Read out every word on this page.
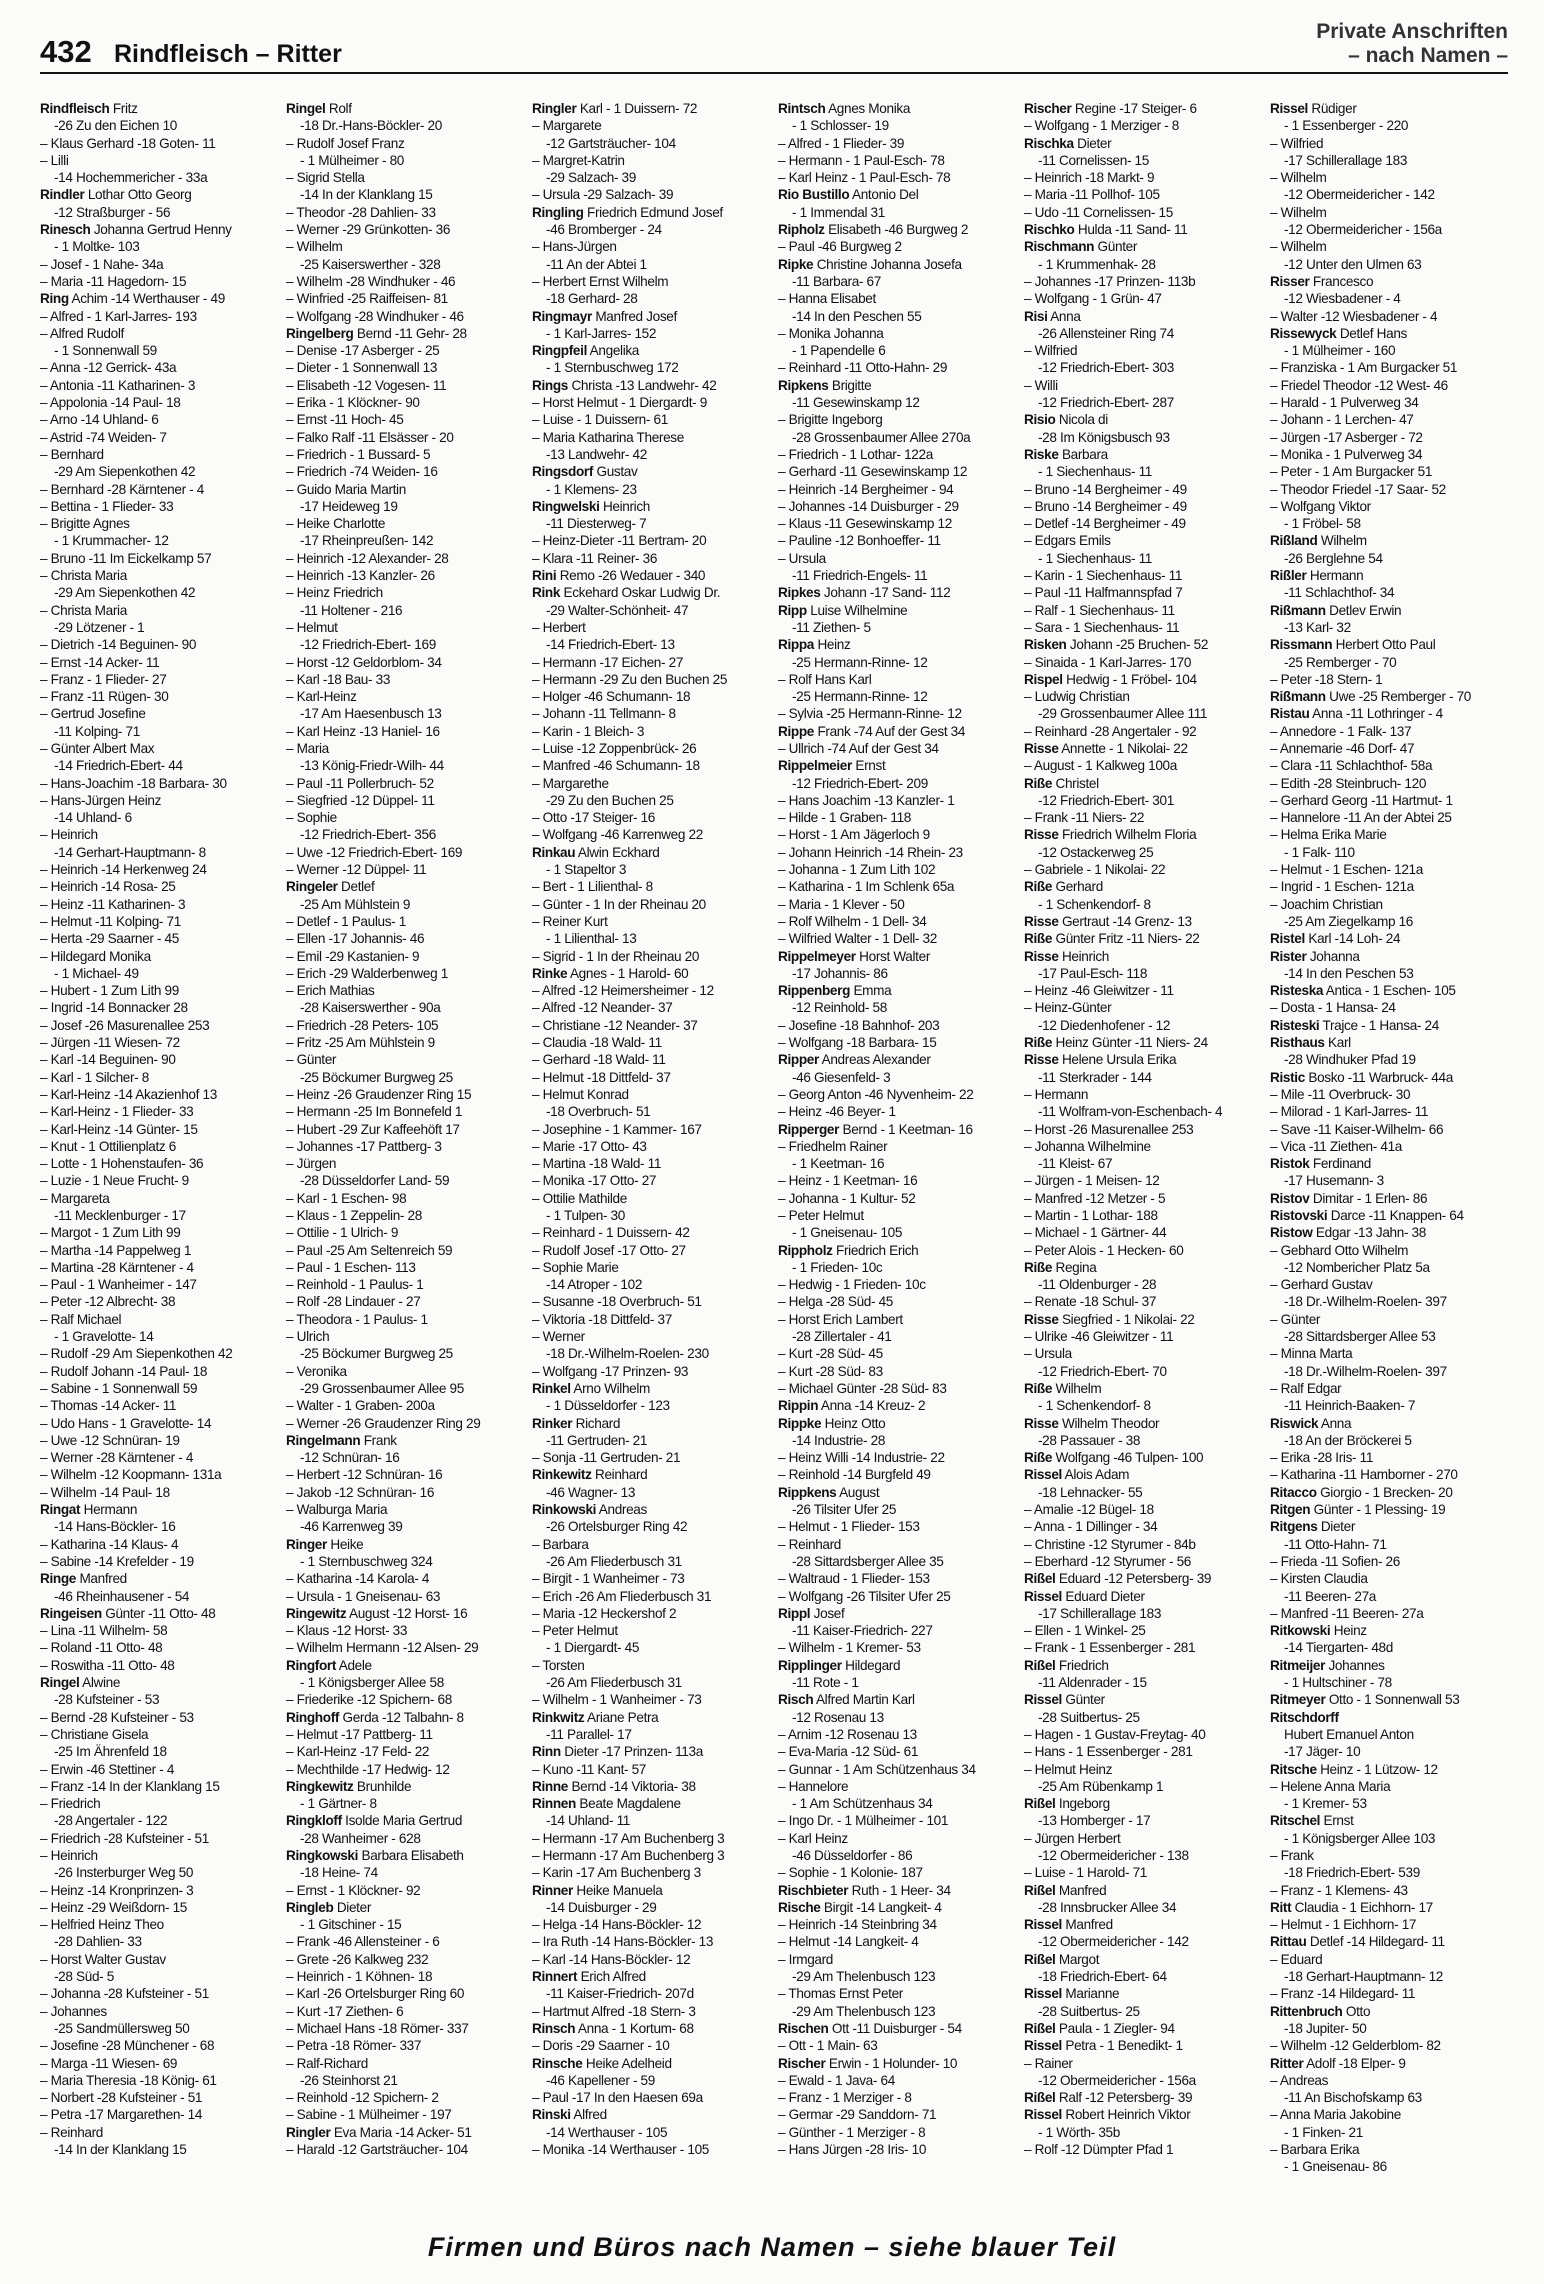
432 Rindfleisch – Ritter
Private Anschriften
– nach Namen –
Rindfleisch Fritz
-26 Zu den Eichen 10
– Klaus Gerhard -18 Goten- 11
– Lilli
-14 Hochemmericher - 33a
Rindler Lothar Otto Georg
-12 Straßburger - 56
Rinesch Johanna Gertrud Henny
- 1 Moltke- 103
– Josef - 1 Nahe- 34a
– Maria -11 Hagedorn- 15
Ring Achim -14 Werthauser - 49
– Alfred - 1 Karl-Jarres- 193
– Alfred Rudolf
- 1 Sonnenwall 59
– Anna -12 Gerrick- 43a
– Antonia -11 Katharinen- 3
– Appolonia -14 Paul- 18
– Arno -14 Uhland- 6
– Astrid -74 Weiden- 7
– Bernhard
-29 Am Siepenkothen 42
– Bernhard -28 Kärntener - 4
– Bettina - 1 Flieder- 33
– Brigitte Agnes
- 1 Krummacher- 12
– Bruno -11 Im Eickelkamp 57
– Christa Maria
-29 Am Siepenkothen 42
– Christa Maria
-29 Lötzener - 1
– Dietrich -14 Beguinen- 90
– Ernst -14 Acker- 11
– Franz - 1 Flieder- 27
– Franz -11 Rügen- 30
– Gertrud Josefine
-11 Kolping- 71
– Günter Albert Max
-14 Friedrich-Ebert- 44
– Hans-Joachim -18 Barbara- 30
– Hans-Jürgen Heinz
-14 Uhland- 6
– Heinrich
-14 Gerhart-Hauptmann- 8
– Heinrich -14 Herkenweg 24
– Heinrich -14 Rosa- 25
– Heinz -11 Katharinen- 3
– Helmut -11 Kolping- 71
– Herta -29 Saarner - 45
– Hildegard Monika
- 1 Michael- 49
– Hubert - 1 Zum Lith 99
– Ingrid -14 Bonnacker 28
– Josef -26 Masurenallee 253
– Jürgen -11 Wiesen- 72
– Karl -14 Beguinen- 90
– Karl - 1 Silcher- 8
– Karl-Heinz -14 Akazienhof 13
– Karl-Heinz - 1 Flieder- 33
– Karl-Heinz -14 Günter- 15
– Knut - 1 Ottilienplatz 6
– Lotte - 1 Hohenstaufen- 36
– Luzie - 1 Neue Frucht- 9
– Margareta
-11 Mecklenburger - 17
– Margot - 1 Zum Lith 99
– Martha -14 Pappelweg 1
– Martina -28 Kärntener - 4
– Paul - 1 Wanheimer - 147
– Peter -12 Albrecht- 38
– Ralf Michael
- 1 Gravelotte- 14
– Rudolf -29 Am Siepenkothen 42
– Rudolf Johann -14 Paul- 18
– Sabine - 1 Sonnenwall 59
– Thomas -14 Acker- 11
– Udo Hans - 1 Gravelotte- 14
– Uwe -12 Schnüran- 19
– Werner -28 Kärntener - 4
– Wilhelm -12 Koopmann- 131a
– Wilhelm -14 Paul- 18
Ringat Hermann
-14 Hans-Böckler- 16
– Katharina -14 Klaus- 4
– Sabine -14 Krefelder - 19
Ringe Manfred
-46 Rheinhausener - 54
Ringeisen Günter -11 Otto- 48
– Lina -11 Wilhelm- 58
– Roland -11 Otto- 48
– Roswitha -11 Otto- 48
Ringel Alwine
-28 Kufsteiner - 53
– Bernd -28 Kufsteiner - 53
– Christiane Gisela
-25 Im Ährenfeld 18
– Erwin -46 Stettiner - 4
– Franz -14 In der Klanklang 15
– Friedrich
-28 Angertaler - 122
– Friedrich -28 Kufsteiner - 51
– Heinrich
-26 Insterburger Weg 50
– Heinz -14 Kronprinzen- 3
– Heinz -29 Weißdorn- 15
– Helfried Heinz Theo
-28 Dahlien- 33
– Horst Walter Gustav
-28 Süd- 5
– Johanna -28 Kufsteiner - 51
– Johannes
-25 Sandmüllersweg 50
– Josefine -28 Münchener - 68
– Marga -11 Wiesen- 69
– Maria Theresia -18 König- 61
– Norbert -28 Kufsteiner - 51
– Petra -17 Margarethen- 14
– Reinhard
-14 In der Klanklang 15
Ringel Rolf
-18 Dr.-Hans-Böckler- 20
– Rudolf Josef Franz
- 1 Mülheimer - 80
– Sigrid Stella
-14 In der Klanklang 15
– Theodor -28 Dahlien- 33
– Werner -29 Grünkotten- 36
– Wilhelm
-25 Kaiserswerther - 328
– Wilhelm -28 Windhuker - 46
– Winfried -25 Raiffeisen- 81
– Wolfgang -28 Windhuker - 46
Ringelberg Bernd -11 Gehr- 28
– Denise -17 Asberger - 25
– Dieter - 1 Sonnenwall 13
– Elisabeth -12 Vogesen- 11
– Erika - 1 Klöckner- 90
– Ernst -11 Hoch- 45
– Falko Ralf -11 Elsässer - 20
– Friedrich - 1 Bussard- 5
– Friedrich -74 Weiden- 16
– Guido Maria Martin
-17 Heideweg 19
– Heike Charlotte
-17 Rheinpreußen- 142
– Heinrich -12 Alexander- 28
– Heinrich -13 Kanzler- 26
– Heinz Friedrich
-11 Holtener - 216
– Helmut
-12 Friedrich-Ebert- 169
– Horst -12 Geldorblom- 34
– Karl -18 Bau- 33
– Karl-Heinz
-17 Am Haesenbusch 13
– Karl Heinz -13 Haniel- 16
– Maria
-13 König-Friedr-Wilh- 44
– Paul -11 Pollerbruch- 52
– Siegfried -12 Düppel- 11
– Sophie
-12 Friedrich-Ebert- 356
– Uwe -12 Friedrich-Ebert- 169
– Werner -12 Düppel- 11
Ringeler Detlef
-25 Am Mühlstein 9
– Detlef - 1 Paulus- 1
– Ellen -17 Johannis- 46
– Emil -29 Kastanien- 9
– Erich -29 Walderbenweg 1
– Erich Mathias
-28 Kaiserswerther - 90a
– Friedrich -28 Peters- 105
– Fritz -25 Am Mühlstein 9
– Günter
-25 Böckumer Burgweg 25
– Heinz -26 Graudenzer Ring 15
– Hermann -25 Im Bonnefeld 1
– Hubert -29 Zur Kaffeehöft 17
– Johannes -17 Pattberg- 3
– Jürgen
-28 Düsseldorfer Land- 59
– Karl - 1 Eschen- 98
– Klaus - 1 Zeppelin- 28
– Ottilie - 1 Ulrich- 9
– Paul -25 Am Seltenreich 59
– Paul - 1 Eschen- 113
– Reinhold - 1 Paulus- 1
– Rolf -28 Lindauer - 27
– Theodora - 1 Paulus- 1
– Ulrich
-25 Böckumer Burgweg 25
– Veronika
-29 Grossenbaumer Allee 95
– Walter - 1 Graben- 200a
– Werner -26 Graudenzer Ring 29
Ringelmann Frank
-12 Schnüran- 16
– Herbert -12 Schnüran- 16
– Jakob -12 Schnüran- 16
– Walburga Maria
-46 Karrenweg 39
Ringer Heike
- 1 Sternbuschweg 324
– Katharina -14 Karola- 4
– Ursula - 1 Gneisenau- 63
Ringewitz August -12 Horst- 16
– Klaus -12 Horst- 33
– Wilhelm Hermann -12 Alsen- 29
Ringfort Adele
- 1 Königsberger Allee 58
– Friederike -12 Spichern- 68
Ringhoff Gerda -12 Talbahn- 8
– Helmut -17 Pattberg- 11
– Karl-Heinz -17 Feld- 22
– Mechthilde -17 Hedwig- 12
Ringkewitz Brunhilde
- 1 Gärtner- 8
Ringkloff Isolde Maria Gertrud
-28 Wanheimer - 628
Ringkowski Barbara Elisabeth
-18 Heine- 74
– Ernst - 1 Klöckner- 92
Ringleb Dieter
- 1 Gitschiner - 15
– Frank -46 Allensteiner - 6
– Grete -26 Kalkweg 232
– Heinrich - 1 Köhnen- 18
– Karl -26 Ortelsburger Ring 60
– Kurt -17 Ziethen- 6
– Michael Hans -18 Römer- 337
– Petra -18 Römer- 337
– Ralf-Richard
-26 Steinhorst 21
– Reinhold -12 Spichern- 2
– Sabine - 1 Mülheimer - 197
Ringler Eva Maria -14 Acker- 51
– Harald -12 Gartsträucher- 104
Ringler Karl - 1 Duissern- 72
– Margarete
-12 Gartsträucher- 104
– Margret-Katrin
-29 Salzach- 39
– Ursula -29 Salzach- 39
Ringling Friedrich Edmund Josef
-46 Bromberger - 24
– Hans-Jürgen
-11 An der Abtei 1
– Herbert Ernst Wilhelm
-18 Gerhard- 28
Ringmayr Manfred Josef
- 1 Karl-Jarres- 152
Ringpfeil Angelika
- 1 Sternbuschweg 172
Rings Christa -13 Landwehr- 42
– Horst Helmut - 1 Diergardt- 9
– Luise - 1 Duissern- 61
– Maria Katharina Therese
-13 Landwehr- 42
Ringsdorf Gustav
- 1 Klemens- 23
Ringwelski Heinrich
-11 Diesterweg- 7
– Heinz-Dieter -11 Bertram- 20
– Klara -11 Reiner- 36
Rini Remo -26 Wedauer - 340
Rink Eckehard Oskar Ludwig Dr.
-29 Walter-Schönheit- 47
– Herbert
-14 Friedrich-Ebert- 13
– Hermann -17 Eichen- 27
– Hermann -29 Zu den Buchen 25
– Holger -46 Schumann- 18
– Johann -11 Tellmann- 8
– Karin - 1 Bleich- 3
– Luise -12 Zoppenbrück- 26
– Manfred -46 Schumann- 18
– Margarethe
-29 Zu den Buchen 25
– Otto -17 Steiger- 16
– Wolfgang -46 Karrenweg 22
Rinkau Alwin Eckhard
- 1 Stapeltor 3
– Bert - 1 Lilienthal- 8
– Günter - 1 In der Rheinau 20
– Reiner Kurt
- 1 Lilienthal- 13
– Sigrid - 1 In der Rheinau 20
Rinke Agnes - 1 Harold- 60
– Alfred -12 Heimersheimer - 12
– Alfred -12 Neander- 37
– Christiane -12 Neander- 37
– Claudia -18 Wald- 11
– Gerhard -18 Wald- 11
– Helmut -18 Dittfeld- 37
– Helmut Konrad
-18 Overbruch- 51
– Josephine - 1 Kammer- 167
– Marie -17 Otto- 43
– Martina -18 Wald- 11
– Monika -17 Otto- 27
– Ottilie Mathilde
- 1 Tulpen- 30
– Reinhard - 1 Duissern- 42
– Rudolf Josef -17 Otto- 27
– Sophie Marie
-14 Atroper - 102
– Susanne -18 Overbruch- 51
– Viktoria -18 Dittfeld- 37
– Werner
-18 Dr.-Wilhelm-Roelen- 230
– Wolfgang -17 Prinzen- 93
Rinkel Arno Wilhelm
- 1 Düsseldorfer - 123
Rinker Richard
-11 Gertruden- 21
– Sonja -11 Gertruden- 21
Rinkewitz Reinhard
-46 Wagner- 13
Rinkowski Andreas
-26 Ortelsburger Ring 42
– Barbara
-26 Am Fliederbusch 31
– Birgit - 1 Wanheimer - 73
– Erich -26 Am Fliederbusch 31
– Maria -12 Heckershof 2
– Peter Helmut
- 1 Diergardt- 45
– Torsten
-26 Am Fliederbusch 31
– Wilhelm - 1 Wanheimer - 73
Rinkwitz Ariane Petra
-11 Parallel- 17
Rinn Dieter -17 Prinzen- 113a
– Kuno -11 Kant- 57
Rinne Bernd -14 Viktoria- 38
Rinnen Beate Magdalene
-14 Uhland- 11
– Hermann -17 Am Buchenberg 3
– Hermann -17 Am Buchenberg 3
– Karin -17 Am Buchenberg 3
Rinner Heike Manuela
-14 Duisburger - 29
– Helga -14 Hans-Böckler- 12
– Ira Ruth -14 Hans-Böckler- 13
– Karl -14 Hans-Böckler- 12
Rinnert Erich Alfred
-11 Kaiser-Friedrich- 207d
– Hartmut Alfred -18 Stern- 3
Rinsch Anna - 1 Kortum- 68
– Doris -29 Saarner - 10
Rinsche Heike Adelheid
-46 Kapellener - 59
– Paul -17 In den Haesen 69a
Rinski Alfred
-14 Werthauser - 105
– Monika -14 Werthauser - 105
Rintsch Agnes Monika
- 1 Schlosser- 19
– Alfred - 1 Flieder- 39
– Hermann - 1 Paul-Esch- 78
– Karl Heinz - 1 Paul-Esch- 78
Rio Bustillo Antonio Del
- 1 Immendal 31
Ripholz Elisabeth -46 Burgweg 2
– Paul -46 Burgweg 2
Ripke Christine Johanna Josefa
-11 Barbara- 67
– Hanna Elisabet
-14 In den Peschen 55
– Monika Johanna
- 1 Papendelle 6
– Reinhard -11 Otto-Hahn- 29
Ripkens Brigitte
-11 Gesewinskamp 12
– Brigitte Ingeborg
-28 Grossenbaumer Allee 270a
– Friedrich - 1 Lothar- 122a
– Gerhard -11 Gesewinskamp 12
– Heinrich -14 Bergheimer - 94
– Johannes -14 Duisburger - 29
– Klaus -11 Gesewinskamp 12
– Pauline -12 Bonhoeffer- 11
– Ursula
-11 Friedrich-Engels- 11
Ripkes Johann -17 Sand- 112
Ripp Luise Wilhelmine
-11 Ziethen- 5
Rippa Heinz
-25 Hermann-Rinne- 12
– Rolf Hans Karl
-25 Hermann-Rinne- 12
– Sylvia -25 Hermann-Rinne- 12
Rippe Frank -74 Auf der Gest 34
– Ullrich -74 Auf der Gest 34
Rippelmeier Ernst
-12 Friedrich-Ebert- 209
– Hans Joachim -13 Kanzler- 1
– Hilde - 1 Graben- 118
– Horst - 1 Am Jägerloch 9
– Johann Heinrich -14 Rhein- 23
– Johanna - 1 Zum Lith 102
– Katharina - 1 Im Schlenk 65a
– Maria - 1 Klever - 50
– Rolf Wilhelm - 1 Dell- 34
– Wilfried Walter - 1 Dell- 32
Rippelmeyer Horst Walter
-17 Johannis- 86
Rippenberg Emma
-12 Reinhold- 58
– Josefine -18 Bahnhof- 203
– Wolfgang -18 Barbara- 15
Ripper Andreas Alexander
-46 Giesenfeld- 3
– Georg Anton -46 Nyvenheim- 22
– Heinz -46 Beyer- 1
Ripperger Bernd - 1 Keetman- 16
– Friedhelm Rainer
- 1 Keetman- 16
– Heinz - 1 Keetman- 16
– Johanna - 1 Kultur- 52
– Peter Helmut
- 1 Gneisenau- 105
Rippholz Friedrich Erich
- 1 Frieden- 10c
– Hedwig - 1 Frieden- 10c
– Helga -28 Süd- 45
– Horst Erich Lambert
-28 Zillertaler - 41
– Kurt -28 Süd- 45
– Kurt -28 Süd- 83
– Michael Günter -28 Süd- 83
Rippin Anna -14 Kreuz- 2
Rippke Heinz Otto
-14 Industrie- 28
– Heinz Willi -14 Industrie- 22
– Reinhold -14 Burgfeld 49
Rippkens August
-26 Tilsiter Ufer 25
– Helmut - 1 Flieder- 153
– Reinhard
-28 Sittardsberger Allee 35
– Waltraud - 1 Flieder- 153
– Wolfgang -26 Tilsiter Ufer 25
Rippl Josef
-11 Kaiser-Friedrich- 227
– Wilhelm - 1 Kremer- 53
Ripplinger Hildegard
-11 Rote - 1
Risch Alfred Martin Karl
-12 Rosenau 13
– Arnim -12 Rosenau 13
– Eva-Maria -12 Süd- 61
– Gunnar - 1 Am Schützenhaus 34
– Hannelore
- 1 Am Schützenhaus 34
– Ingo Dr. - 1 Mülheimer - 101
– Karl Heinz
-46 Düsseldorfer - 86
– Sophie - 1 Kolonie- 187
Rischbieter Ruth - 1 Heer- 34
Rische Birgit -14 Langkeit- 4
– Heinrich -14 Steinbring 34
– Helmut -14 Langkeit- 4
– Irmgard
-29 Am Thelenbusch 123
– Thomas Ernst Peter
-29 Am Thelenbusch 123
Rischen Ott -11 Duisburger - 54
– Ott - 1 Main- 63
Rischer Erwin - 1 Holunder- 10
– Ewald - 1 Java- 64
– Franz - 1 Merziger - 8
– Germar -29 Sanddorn- 71
– Günther - 1 Merziger - 8
– Hans Jürgen -28 Iris- 10
Rischer Regine -17 Steiger- 6
– Wolfgang - 1 Merziger - 8
Rischka Dieter
-11 Cornelissen- 15
– Heinrich -18 Markt- 9
– Maria -11 Pollhof- 105
– Udo -11 Cornelissen- 15
Rischko Hulda -11 Sand- 11
Rischmann Günter
- 1 Krummenhak- 28
– Johannes -17 Prinzen- 113b
– Wolfgang - 1 Grün- 47
Risi Anna
-26 Allensteiner Ring 74
– Wilfried
-12 Friedrich-Ebert- 303
– Willi
-12 Friedrich-Ebert- 287
Risio Nicola di
-28 Im Königsbusch 93
Riske Barbara
- 1 Siechenhaus- 11
– Bruno -14 Bergheimer - 49
– Bruno -14 Bergheimer - 49
– Detlef -14 Bergheimer - 49
– Edgars Emils
- 1 Siechenhaus- 11
– Karin - 1 Siechenhaus- 11
– Paul -11 Halfmannspfad 7
– Ralf - 1 Siechenhaus- 11
– Sara - 1 Siechenhaus- 11
Risken Johann -25 Bruchen- 52
– Sinaida - 1 Karl-Jarres- 170
Rispel Hedwig - 1 Fröbel- 104
– Ludwig Christian
-29 Grossenbaumer Allee 111
– Reinhard -28 Angertaler - 92
Risse Annette - 1 Nikolai- 22
– August - 1 Kalkweg 100a
Riße Christel
-12 Friedrich-Ebert- 301
– Frank -11 Niers- 22
Risse Friedrich Wilhelm Floria
-12 Ostackerweg 25
– Gabriele - 1 Nikolai- 22
Riße Gerhard
- 1 Schenkendorf- 8
Risse Gertraut -14 Grenz- 13
Riße Günter Fritz -11 Niers- 22
Risse Heinrich
-17 Paul-Esch- 118
– Heinz -46 Gleiwitzer - 11
– Heinz-Günter
-12 Diedenhofener - 12
Riße Heinz Günter -11 Niers- 24
Risse Helene Ursula Erika
-11 Sterkrader - 144
– Hermann
-11 Wolfram-von-Eschenbach- 4
– Horst -26 Masurenallee 253
– Johanna Wilhelmine
-11 Kleist- 67
– Jürgen - 1 Meisen- 12
– Manfred -12 Metzer - 5
– Martin - 1 Lothar- 188
– Michael - 1 Gärtner- 44
– Peter Alois - 1 Hecken- 60
Riße Regina
-11 Oldenburger - 28
– Renate -18 Schul- 37
Risse Siegfried - 1 Nikolai- 22
– Ulrike -46 Gleiwitzer - 11
– Ursula
-12 Friedrich-Ebert- 70
Riße Wilhelm
- 1 Schenkendorf- 8
Risse Wilhelm Theodor
-28 Passauer - 38
Riße Wolfgang -46 Tulpen- 100
Rissel Alois Adam
-18 Lehnacker- 55
– Amalie -12 Bügel- 18
– Anna - 1 Dillinger - 34
– Christine -12 Styrumer - 84b
– Eberhard -12 Styrumer - 56
Rißel Eduard -12 Petersberg- 39
Rissel Eduard Dieter
-17 Schillerallage 183
– Ellen - 1 Winkel- 25
– Frank - 1 Essenberger - 281
Rißel Friedrich
-11 Aldenrader - 15
Rissel Günter
-28 Suitbertus- 25
– Hagen - 1 Gustav-Freytag- 40
– Hans - 1 Essenberger - 281
– Helmut Heinz
-25 Am Rübenkamp 1
Rißel Ingeborg
-13 Homberger - 17
– Jürgen Herbert
-12 Obermeidericher - 138
– Luise - 1 Harold- 71
Rißel Manfred
-28 Innsbrucker Allee 34
Rissel Manfred
-12 Obermeidericher - 142
Rißel Margot
-18 Friedrich-Ebert- 64
Rissel Marianne
-28 Suitbertus- 25
Rißel Paula - 1 Ziegler- 94
Rissel Petra - 1 Benedikt- 1
– Rainer
-12 Obermeidericher - 156a
Rißel Ralf -12 Petersberg- 39
Rissel Robert Heinrich Viktor
- 1 Wörth- 35b
– Rolf -12 Dümpter Pfad 1
Rissel Rüdiger
- 1 Essenberger - 220
– Wilfried
-17 Schillerallage 183
– Wilhelm
-12 Obermeidericher - 142
– Wilhelm
-12 Obermeidericher - 156a
– Wilhelm
-12 Unter den Ulmen 63
Risser Francesco
-12 Wiesbadener - 4
– Walter -12 Wiesbadener - 4
Rissewyck Detlef Hans
- 1 Mülheimer - 160
– Franziska - 1 Am Burgacker 51
– Friedel Theodor -12 West- 46
– Harald - 1 Pulverweg 34
– Johann - 1 Lerchen- 47
– Jürgen -17 Asberger - 72
– Monika - 1 Pulverweg 34
– Peter - 1 Am Burgacker 51
– Theodor Friedel -17 Saar- 52
– Wolfgang Viktor
- 1 Fröbel- 58
Rißland Wilhelm
-26 Berglehne 54
Rißler Hermann
-11 Schlachthof- 34
Rißmann Detlev Erwin
-13 Karl- 32
Rissmann Herbert Otto Paul
-25 Remberger - 70
– Peter -18 Stern- 1
Rißmann Uwe -25 Remberger - 70
Ristau Anna -11 Lothringer - 4
– Annedore - 1 Falk- 137
– Annemarie -46 Dorf- 47
– Clara -11 Schlachthof- 58a
– Edith -28 Steinbruch- 120
– Gerhard Georg -11 Hartmut- 1
– Hannelore -11 An der Abtei 25
– Helma Erika Marie
- 1 Falk- 110
– Helmut - 1 Eschen- 121a
– Ingrid - 1 Eschen- 121a
– Joachim Christian
-25 Am Ziegelkamp 16
Ristel Karl -14 Loh- 24
Rister Johanna
-14 In den Peschen 53
Risteska Antica - 1 Eschen- 105
– Dosta - 1 Hansa- 24
Risteski Trajce - 1 Hansa- 24
Risthaus Karl
-28 Windhuker Pfad 19
Ristic Bosko -11 Warbruck- 44a
– Mile -11 Overbruck- 30
– Milorad - 1 Karl-Jarres- 11
– Save -11 Kaiser-Wilhelm- 66
– Vica -11 Ziethen- 41a
Ristok Ferdinand
-17 Husemann- 3
Ristov Dimitar - 1 Erlen- 86
Ristovski Darce -11 Knappen- 64
Ristow Edgar -13 Jahn- 38
– Gebhard Otto Wilhelm
-12 Nombericher Platz 5a
– Gerhard Gustav
-18 Dr.-Wilhelm-Roelen- 397
– Günter
-28 Sittardsberger Allee 53
– Minna Marta
-18 Dr.-Wilhelm-Roelen- 397
– Ralf Edgar
-11 Heinrich-Baaken- 7
Riswick Anna
-18 An der Bröckerei 5
– Erika -28 Iris- 11
– Katharina -11 Hamborner - 270
Ritacco Giorgio - 1 Brecken- 20
Ritgen Günter - 1 Plessing- 19
Ritgens Dieter
-11 Otto-Hahn- 71
– Frieda -11 Sofien- 26
– Kirsten Claudia
-11 Beeren- 27a
– Manfred -11 Beeren- 27a
Ritkowski Heinz
-14 Tiergarten- 48d
Ritmeijer Johannes
- 1 Hultschiner - 78
Ritmeyer Otto - 1 Sonnenwall 53
Ritschdorff
Hubert Emanuel Anton
-17 Jäger- 10
Ritsche Heinz - 1 Lützow- 12
– Helene Anna Maria
- 1 Kremer- 53
Ritschel Ernst
- 1 Königsberger Allee 103
– Frank
-18 Friedrich-Ebert- 539
– Franz - 1 Klemens- 43
Ritt Claudia - 1 Eichhorn- 17
– Helmut - 1 Eichhorn- 17
Rittau Detlef -14 Hildegard- 11
– Eduard
-18 Gerhart-Hauptmann- 12
– Franz -14 Hildegard- 11
Rittenbruch Otto
-18 Jupiter- 50
– Wilhelm -12 Gelderblom- 82
Ritter Adolf -18 Elper- 9
– Andreas
-11 An Bischofskamp 63
– Anna Maria Jakobine
- 1 Finken- 21
– Barbara Erika
- 1 Gneisenau- 86
Firmen und Büros nach Namen – siehe blauer Teil
